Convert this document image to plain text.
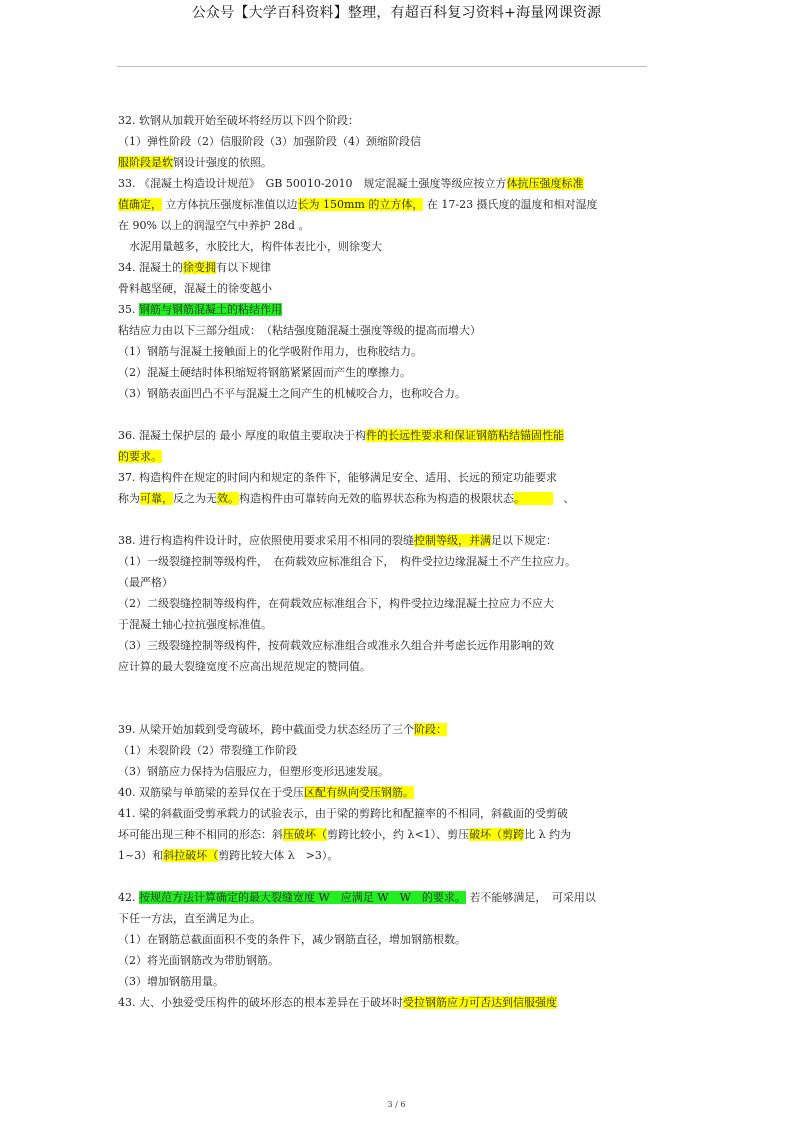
公众号【大学百科资料】整理，有超百科复习资料+海量网课资源
32. 软钢从加载开始至破坏将经历以下四个阶段：
（1）弹性阶段（2）信服阶段（3）加强阶段（4）颈缩阶段信
服阶段是软钢设计强度的依照。
33. 《混凝土构造设计规范》　GB 50010-2010　规定混凝土强度等级应按立方体抗压强度标准
值确定， 立方体抗压强度标准值以边长为 150mm 的立方体， 在 17-23 摄氏度的温度和相对湿度
在 90% 以上的润湿空气中养护 28d 。
　水泥用量越多，水胶比大，构件体表比小，则徐变大
34. 混凝土的徐变拥有以下规律
骨料越坚硬，混凝土的徐变越小
35. 钢筋与钢筋混凝土的粘结作用
粘结应力由以下三部分组成：　（粘结强度随混凝土强度等级的提高而增大）
（1）钢筋与混凝土接触面上的化学吸附作用力，也称胶结力。
（2）混凝土硬结时体积缩短将钢筋紧紧固而产生的摩擦力。
（3）钢筋表面凹凸不平与混凝土之间产生的机械咬合力，也称咬合力。
36. 混凝土保护层的 最小 厚度的取值主要取决于构件的长远性要求和保证钢筋粘结锚固性能
的要求。
37. 构造构件在规定的时间内和规定的条件下，能够满足安全、适用、长远的预定功能要求
称为可靠，反之为无效。构造构件由可靠转向无效的临界状态称为构造的极限状态。　　　　、
38. 进行构造构件设计时，应依照使用要求采用不相同的裂缝控制等级，并满足以下规定：
（1）一级裂缝控制等级构件，　在荷载效应标准组合下，　构件受拉边缘混凝土不产生拉应力。
（最严格）
（2）二级裂缝控制等级构件，在荷载效应标准组合下，构件受拉边缘混凝土拉应力不应大
于混凝土轴心拉抗强度标准值。
（3）三级裂缝控制等级构件，按荷载效应标准组合或准永久组合并考虑长远作用影响的效
应计算的最大裂缝宽度不应高出规范规定的赞同值。
39. 从梁开始加载到受弯破坏，跨中截面受力状态经历了三个阶段：
（1）未裂阶段（2）带裂缝工作阶段
（3）钢筋应力保持为信服应力，但塑形变形迅速发展。
40. 双筋梁与单筋梁的差异仅在于受压区配有纵向受压钢筋。
41. 梁的斜截面受剪承载力的试验表示，由于梁的剪跨比和配箍率的不相同，斜截面的受剪破
坏可能出现三种不相同的形态：斜压破坏（剪跨比较小，约 λ<1）、剪压破坏（剪跨比 λ 约为
1~3）和斜拉破坏（剪跨比较大体 λ　>3）。
42. 按规范方法计算确定的最大裂缝宽度 W　应满足 W　W　的要求。 若不能够满足，　可采用以
下任一方法，直至满足为止。
（1）在钢筋总截面面积不变的条件下，减少钢筋直径，增加钢筋根数。
（2）将光面钢筋改为带肋钢筋。
（3）增加钢筋用量。
43. 大、小独爱受压构件的破坏形态的根本差异在于破坏时受拉钢筋应力可否达到信服强度
3 / 6
